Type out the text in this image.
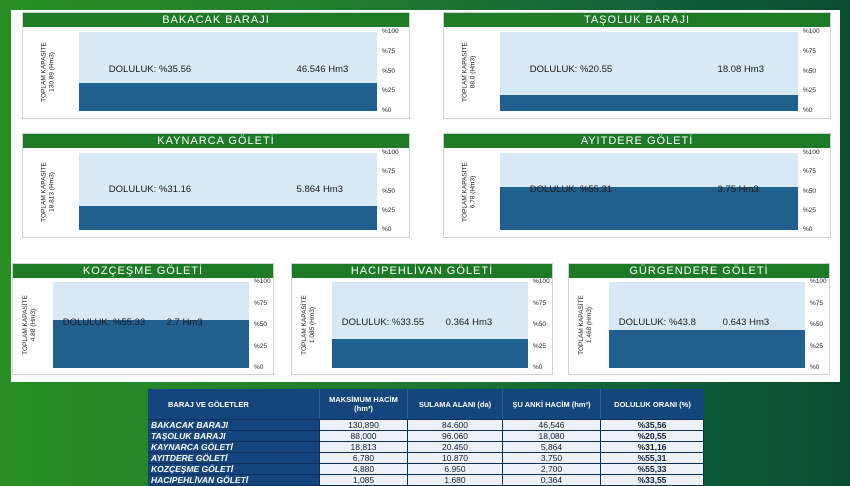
BAKACAK BARAJI
TOPLAM KAPASİTE 130.89 (Hm3)	DOLULUK: %35.56	46.546 Hm3
%100
%75
%50
%25
%0
TAŞOLUK BARAJI
TOPLAM KAPASİTE 88.0 (Hm3)	DOLULUK: %20.55	18.08 Hm3
%100
%75
%50
%25
%0
KAYNARCA GÖLETİ
TOPLAM KAPASİTE 18.813 (Hm3)	DOLULUK: %31.16	5.864 Hm3
%100
%75
%50
%25
%0
AYITDERE GÖLETİ
TOPLAM KAPASİTE 6.78 (Hm3)	DOLULUK: %55.31	3.75 Hm3
%100
%75
%50
%25
%0
KOZÇEŞME GÖLETİ
TOPLAM KAPASİTE 4.88 (Hm3)	DOLULUK: %55.33 2.7 Hm3
%100
%75
%50
%25
%0
HACIPEHLİVAN GÖLETİ
TOPLAM KAPASİTE 1.085 (Hm3)	DOLULUK: %33.55 0.364 Hm3
%100
%75
%50
%25
%0
GÜRGENDERE GÖLETİ
TOPLAM KAPASİTE 1.468 (Hm3)	DOLULUK: %43.8	0.643 Hm3
%100
%75
%50
%25
%0
BARAJ VE GÖLETLER	MAKSİMUM HACİM (hm³)	SULAMA ALANI (da)	ŞU ANKİ HACİM (hm³)	DOLULUK ORANI (%)
BAKACAK BARAJI	130,890	84.600	46,546	%35,56
TAŞOLUK BARAJI	88,000	96.060	18,080	%20,55
KAYNARCA GÖLETİ	18,813	20.450	5,864	%31,16
AYITDERE GÖLETİ	6,780	10.870	3,750	%55,31
KOZÇEŞME GÖLETİ	4,880	6.950	2,700	%55,33
HACIPEHLİVAN GÖLETİ	1,085	1.680	0,364	%33,55
